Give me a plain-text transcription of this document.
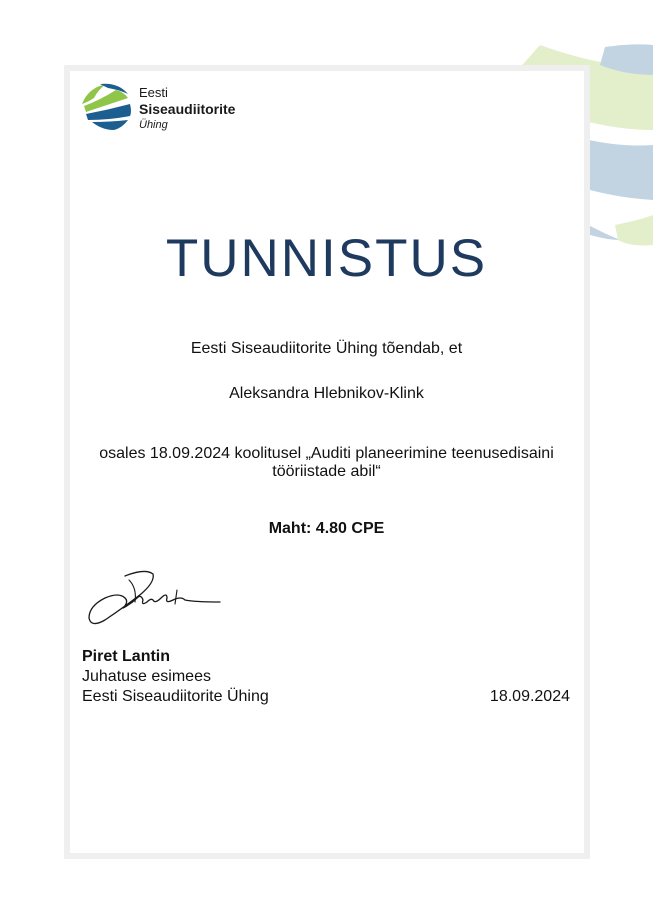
Eesti
Siseaudiitorite
Ühing
TUNNISTUS
Eesti Siseaudiitorite Ühing tõendab, et
Aleksandra Hlebnikov-Klink
osales 18.09.2024 koolitusel „Auditi planeerimine teenusedisaini tööriistade abil“
Maht: 4.80 CPE
Piret Lantin
Juhatuse esimees
Eesti Siseaudiitorite Ühing	18.09.2024
